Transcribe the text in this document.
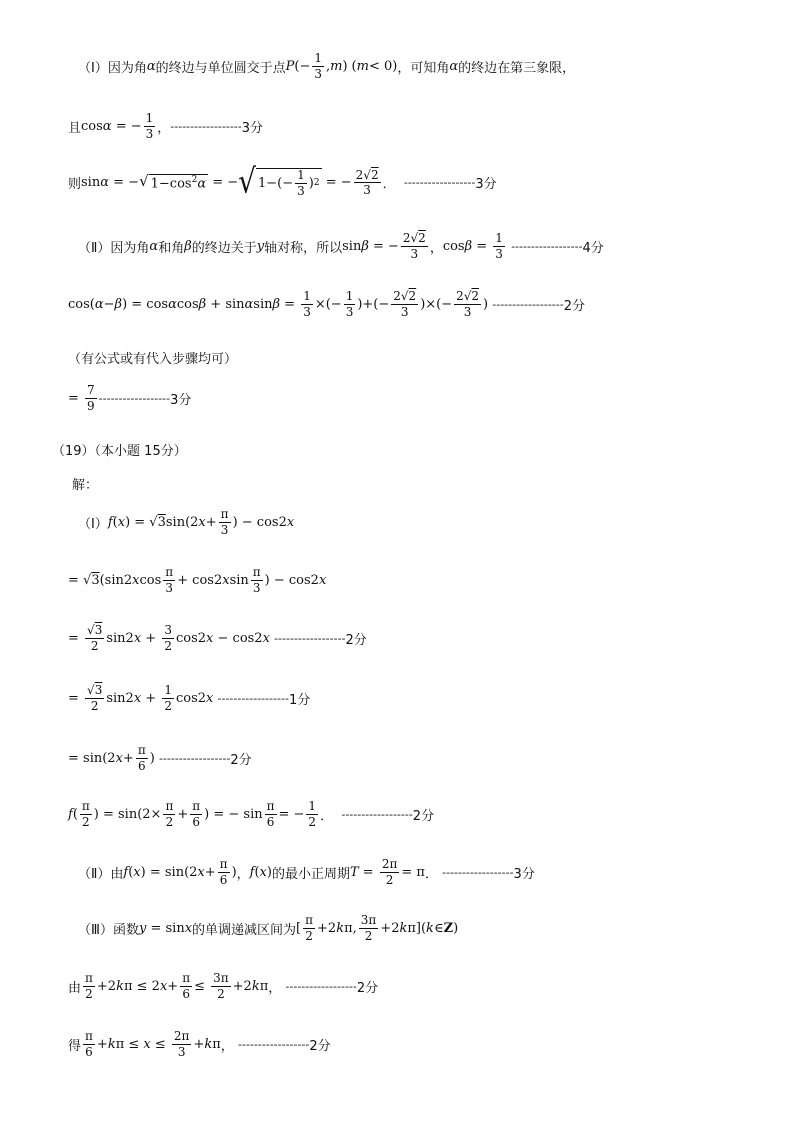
（Ⅰ）因为角 α 的终边与单位圆交于点 P (− $\frac{1}{3}$ , m ) ( m < 0) ，可知角 α 的终边在第三象限，
且 cos α = − $\frac{1}{3}$ ， ------------------ 3分
则 sin α = − √ $1-\cos^2\alpha$ = − √ $1-(- \frac{1}{3}$ ) 2 = − $\frac{2√2}{3}$ ．
------------------ 3分
（Ⅱ）因为角 α 和角 β 的终边关于 y 轴对称，所以 sin β = − $\frac{2√2}{3}$ ， $\cos \beta = \frac{1}{3}$
------------------ 4分
cos( α − β ) = cos α cos β + sin α $\sin \beta = \frac{1}{3}$ ×(− $\frac{1}{3}$ )+(− $\frac{2√2}{3}$ )×(− $\frac{2√2}{3}$ ) ------------------ 2分
（有公式或有代入步骤均可）
= $\frac{7}{9}$ ------------------ 3分
（19）（本小题 15分）
解：
（Ⅰ） f ( x ) = √ 3 sin(2 $x + \frac{\pi}{3}$ ) − cos2 x
= √ 3 (sin2 x $\cos \frac{\pi}{3} + \cos 2$ x $\sin \frac{\pi}{3}$ ) − cos2 x
= $\frac{√3}{2} \sin 2$ $x + \frac{3}{2} \cos 2$ x − cos2 x
------------------ 2分
= $\frac{√3}{2} \sin 2$ $x + \frac{1}{2} \cos 2$ x
------------------ 1分
= sin(2 $x + \frac{\pi}{6}$ ) ------------------ 2分
f ( $\frac{\pi}{2}$ ) = $\sin(2\times \frac{\pi}{2} + \frac{\pi}{6}$ ) = − $\sin \frac{\pi}{6}$ = − $\frac{1}{2}$ ．
------------------ 2分
（Ⅱ）由 f ( x ) = sin(2 $x + \frac{\pi}{6}$ ) ， f ( x ) 的最小正周期 $T = \frac{2\pi}{2} = \pi$ ．
------------------ 3分
（Ⅲ）函数 y = sin x 的单调递减区间为 [ $\frac{\pi}{2} +2$ k π, $\frac{3\pi}{2} +2$ k π]( k ∈ Z )
由 $\frac{\pi}{2} +2$ k π ≤ 2 $x + \frac{\pi}{6} \le \frac{3\pi}{2} +2$ k π ，
------------------ 2分
得 $\frac{\pi}{6} + k$ $\pi \le x \le \frac{2\pi}{3} + k$ π ，
------------------ 2分
